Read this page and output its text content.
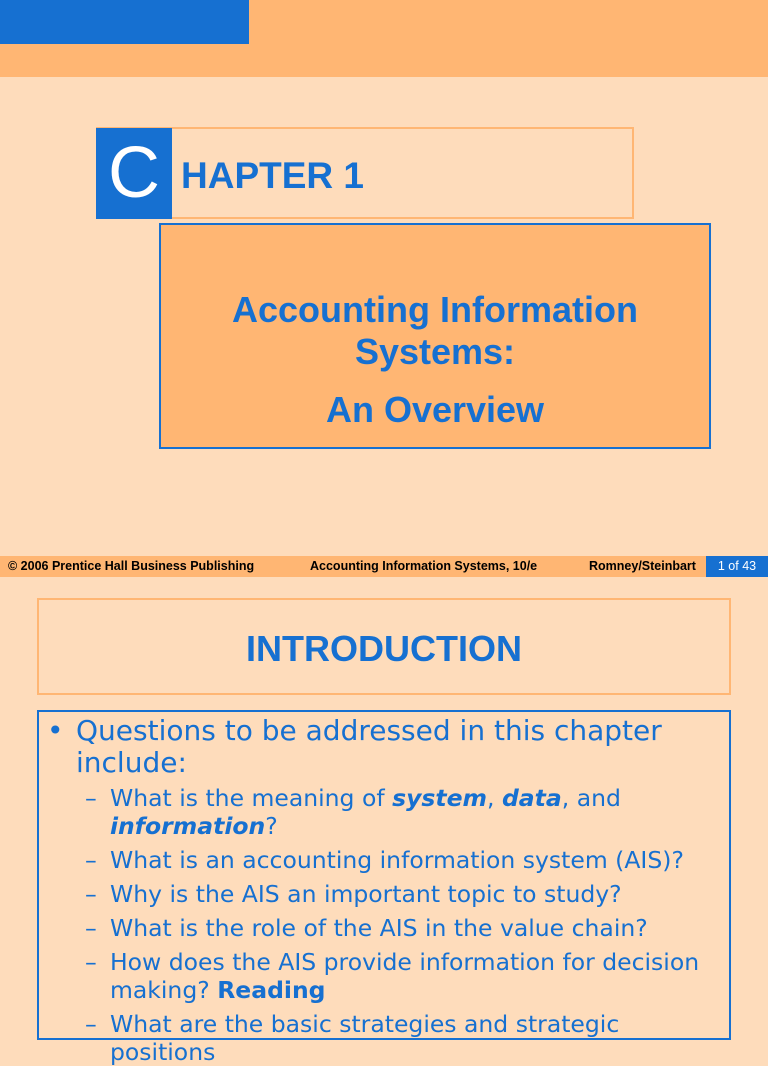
C HAPTER 1
Accounting Information
Systems:
An Overview
© 2006 Prentice Hall Business Publishing	Accounting Information Systems, 10/e	Romney/Steinbart	1 of 43
INTRODUCTION
• Questions to be addressed in this chapter
include:
– What is the meaning of system, data, and
information?
– What is an accounting information system (AIS)?
– Why is the AIS an important topic to study?
– What is the role of the AIS in the value chain?
– How does the AIS provide information for decision
making? Reading
– What are the basic strategies and strategic positions
